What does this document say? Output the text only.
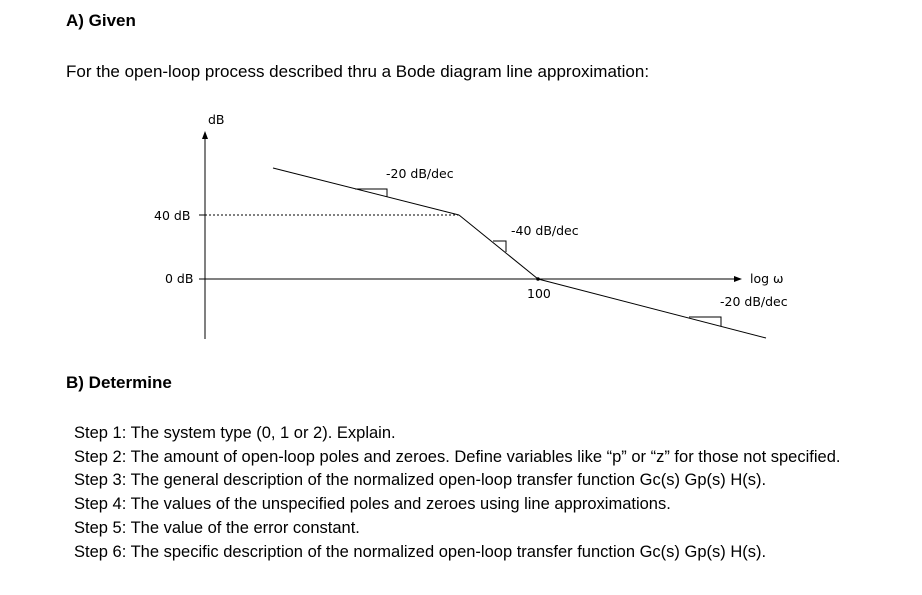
A) Given

For the open-loop process described thru a Bode diagram line approximation:

dB
log ω
40 dB
0 dB
100
-20 dB/dec
-40 dB/dec
-20 dB/dec
B) Determine
Step 1: The system type (0, 1 or 2). Explain.
Step 2: The amount of open-loop poles and zeroes. Define variables like “p” or “z” for those not specified.
Step 3: The general description of the normalized open-loop transfer function Gc(s) Gp(s) H(s).
Step 4: The values of the unspecified poles and zeroes using line approximations.
Step 5: The value of the error constant.
Step 6: The specific description of the normalized open-loop transfer function Gc(s) Gp(s) H(s).
